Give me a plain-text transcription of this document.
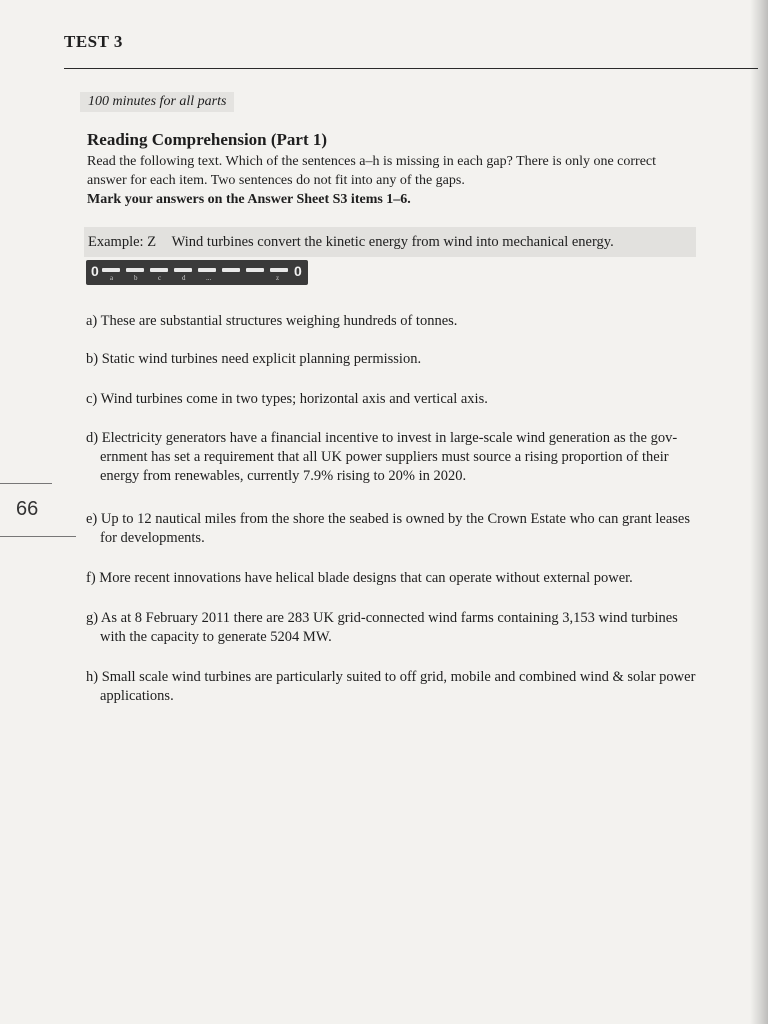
TEST 3
100 minutes for all parts
Reading Comprehension (Part 1)

Read the following text. Which of the sentences a–h is missing in each gap? There is only one correct

answer for each item. Two sentences do not fit into any of the gaps.

Mark your answers on the Answer Sheet S3 items 1–6.

Example: Z Wind turbines convert the kinetic energy from wind into mechanical energy.
0 a	b	c	d	...	z 0
a) These are substantial structures weighing hundreds of tonnes.
b) Static wind turbines need explicit planning permission.
c) Wind turbines come in two types; horizontal axis and vertical axis.
d) Electricity generators have a financial incentive to invest in large-scale wind generation as the gov-
ernment has set a requirement that all UK power suppliers must source a rising proportion of their
energy from renewables, currently 7.9% rising to 20% in 2020.
e) Up to 12 nautical miles from the shore the seabed is owned by the Crown Estate who can grant leases
for developments.
f) More recent innovations have helical blade designs that can operate without external power.
g) As at 8 February 2011 there are 283 UK grid-connected wind farms containing 3,153 wind turbines
with the capacity to generate 5204 MW.
h) Small scale wind turbines are particularly suited to off grid, mobile and combined wind & solar power
applications.
66
